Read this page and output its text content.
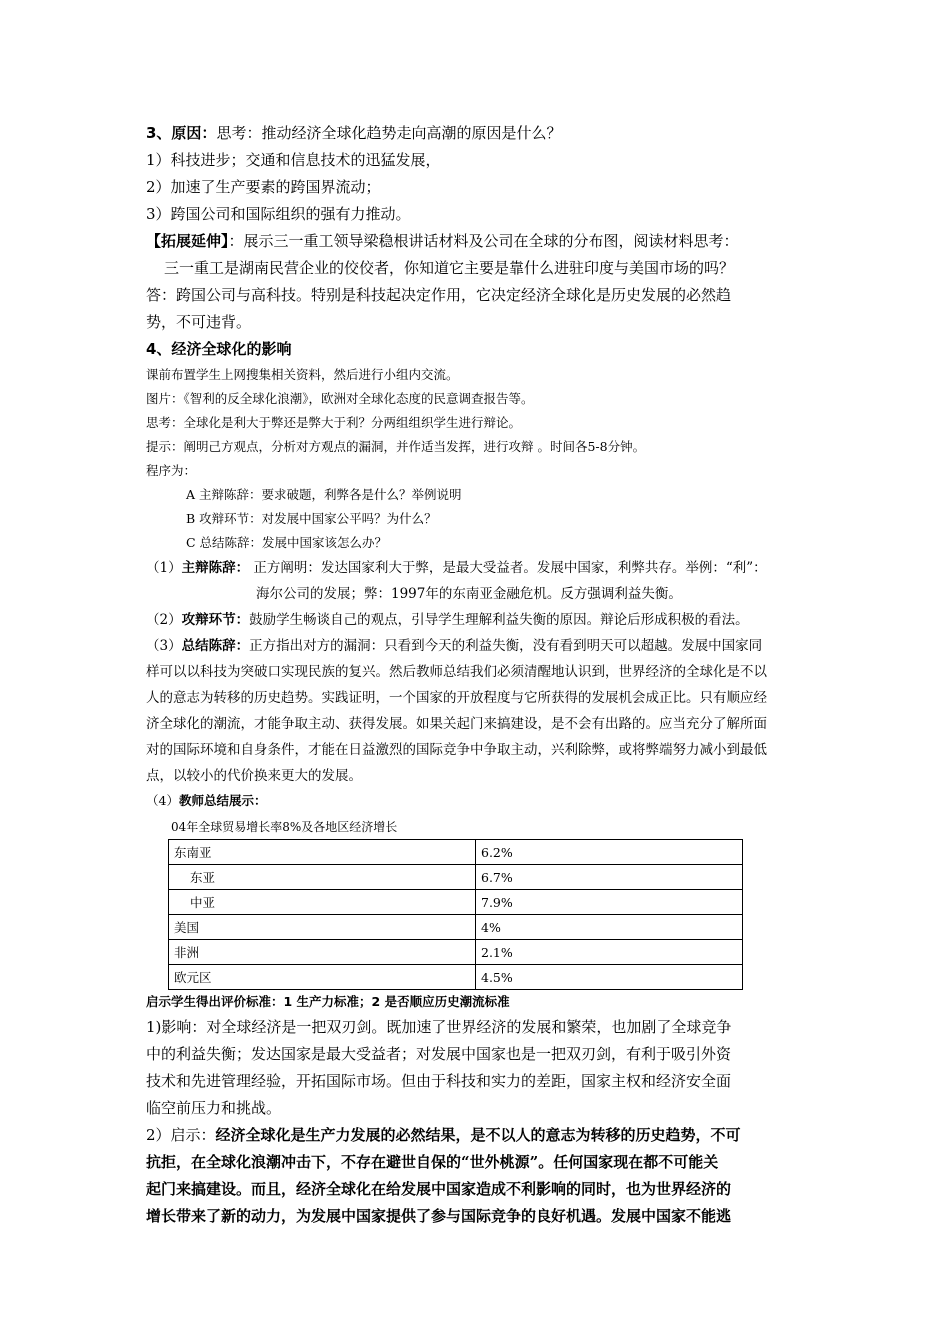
3、原因：思考：推动经济全球化趋势走向高潮的原因是什么？
1）科技进步；交通和信息技术的迅猛发展，
2）加速了生产要素的跨国界流动；
3）跨国公司和国际组织的强有力推动。
【拓展延伸】：展示三一重工领导梁稳根讲话材料及公司在全球的分布图，阅读材料思考：
三一重工是湖南民营企业的佼佼者，你知道它主要是靠什么进驻印度与美国市场的吗？
答：跨国公司与高科技。特别是科技起决定作用，它决定经济全球化是历史发展的必然趋
势，不可违背。
4、经济全球化的影响
课前布置学生上网搜集相关资料，然后进行小组内交流。
图片：《智利的反全球化浪潮》，欧洲对全球化态度的民意调查报告等。
思考：全球化是利大于弊还是弊大于利？分两组组织学生进行辩论。
提示：阐明己方观点，分析对方观点的漏洞，并作适当发挥，进行攻辩 。时间各5-8分钟。
程序为：
A 主辩陈辞：要求破题，利弊各是什么？举例说明
B 攻辩环节：对发展中国家公平吗？为什么？
C 总结陈辞：发展中国家该怎么办？
（1）主辩陈辞： 正方阐明：发达国家利大于弊，是最大受益者。发展中国家，利弊共存。举例：“利”：
海尔公司的发展；弊：1997年的东南亚金融危机。反方强调利益失衡。
（2）攻辩环节：鼓励学生畅谈自己的观点，引导学生理解利益失衡的原因。辩论后形成积极的看法。
（3）总结陈辞：正方指出对方的漏洞：只看到今天的利益失衡，没有看到明天可以超越。发展中国家同
样可以以科技为突破口实现民族的复兴。然后教师总结我们必须清醒地认识到，世界经济的全球化是不以
人的意志为转移的历史趋势。实践证明，一个国家的开放程度与它所获得的发展机会成正比。只有顺应经
济全球化的潮流，才能争取主动、获得发展。如果关起门来搞建设，是不会有出路的。应当充分了解所面
对的国际环境和自身条件，才能在日益激烈的国际竞争中争取主动，兴利除弊，或将弊端努力减小到最低
点，以较小的代价换来更大的发展。
（4）教师总结展示：
04年全球贸易增长率8%及各地区经济增长
东南亚	6.2%
东亚	6.7%
中亚	7.9%
美国	4%
非洲	2.1%
欧元区	4.5%
启示学生得出评价标准：1 生产力标准；2 是否顺应历史潮流标准
1)影响：对全球经济是一把双刃剑。既加速了世界经济的发展和繁荣，也加剧了全球竞争
中的利益失衡；发达国家是最大受益者；对发展中国家也是一把双刃剑，有利于吸引外资
技术和先进管理经验，开拓国际市场。但由于科技和实力的差距，国家主权和经济安全面
临空前压力和挑战。
2）启示：经济全球化是生产力发展的必然结果，是不以人的意志为转移的历史趋势，不可
抗拒，在全球化浪潮冲击下，不存在避世自保的“世外桃源”。任何国家现在都不可能关
起门来搞建设。而且，经济全球化在给发展中国家造成不利影响的同时，也为世界经济的
增长带来了新的动力，为发展中国家提供了参与国际竞争的良好机遇。发展中国家不能逃
